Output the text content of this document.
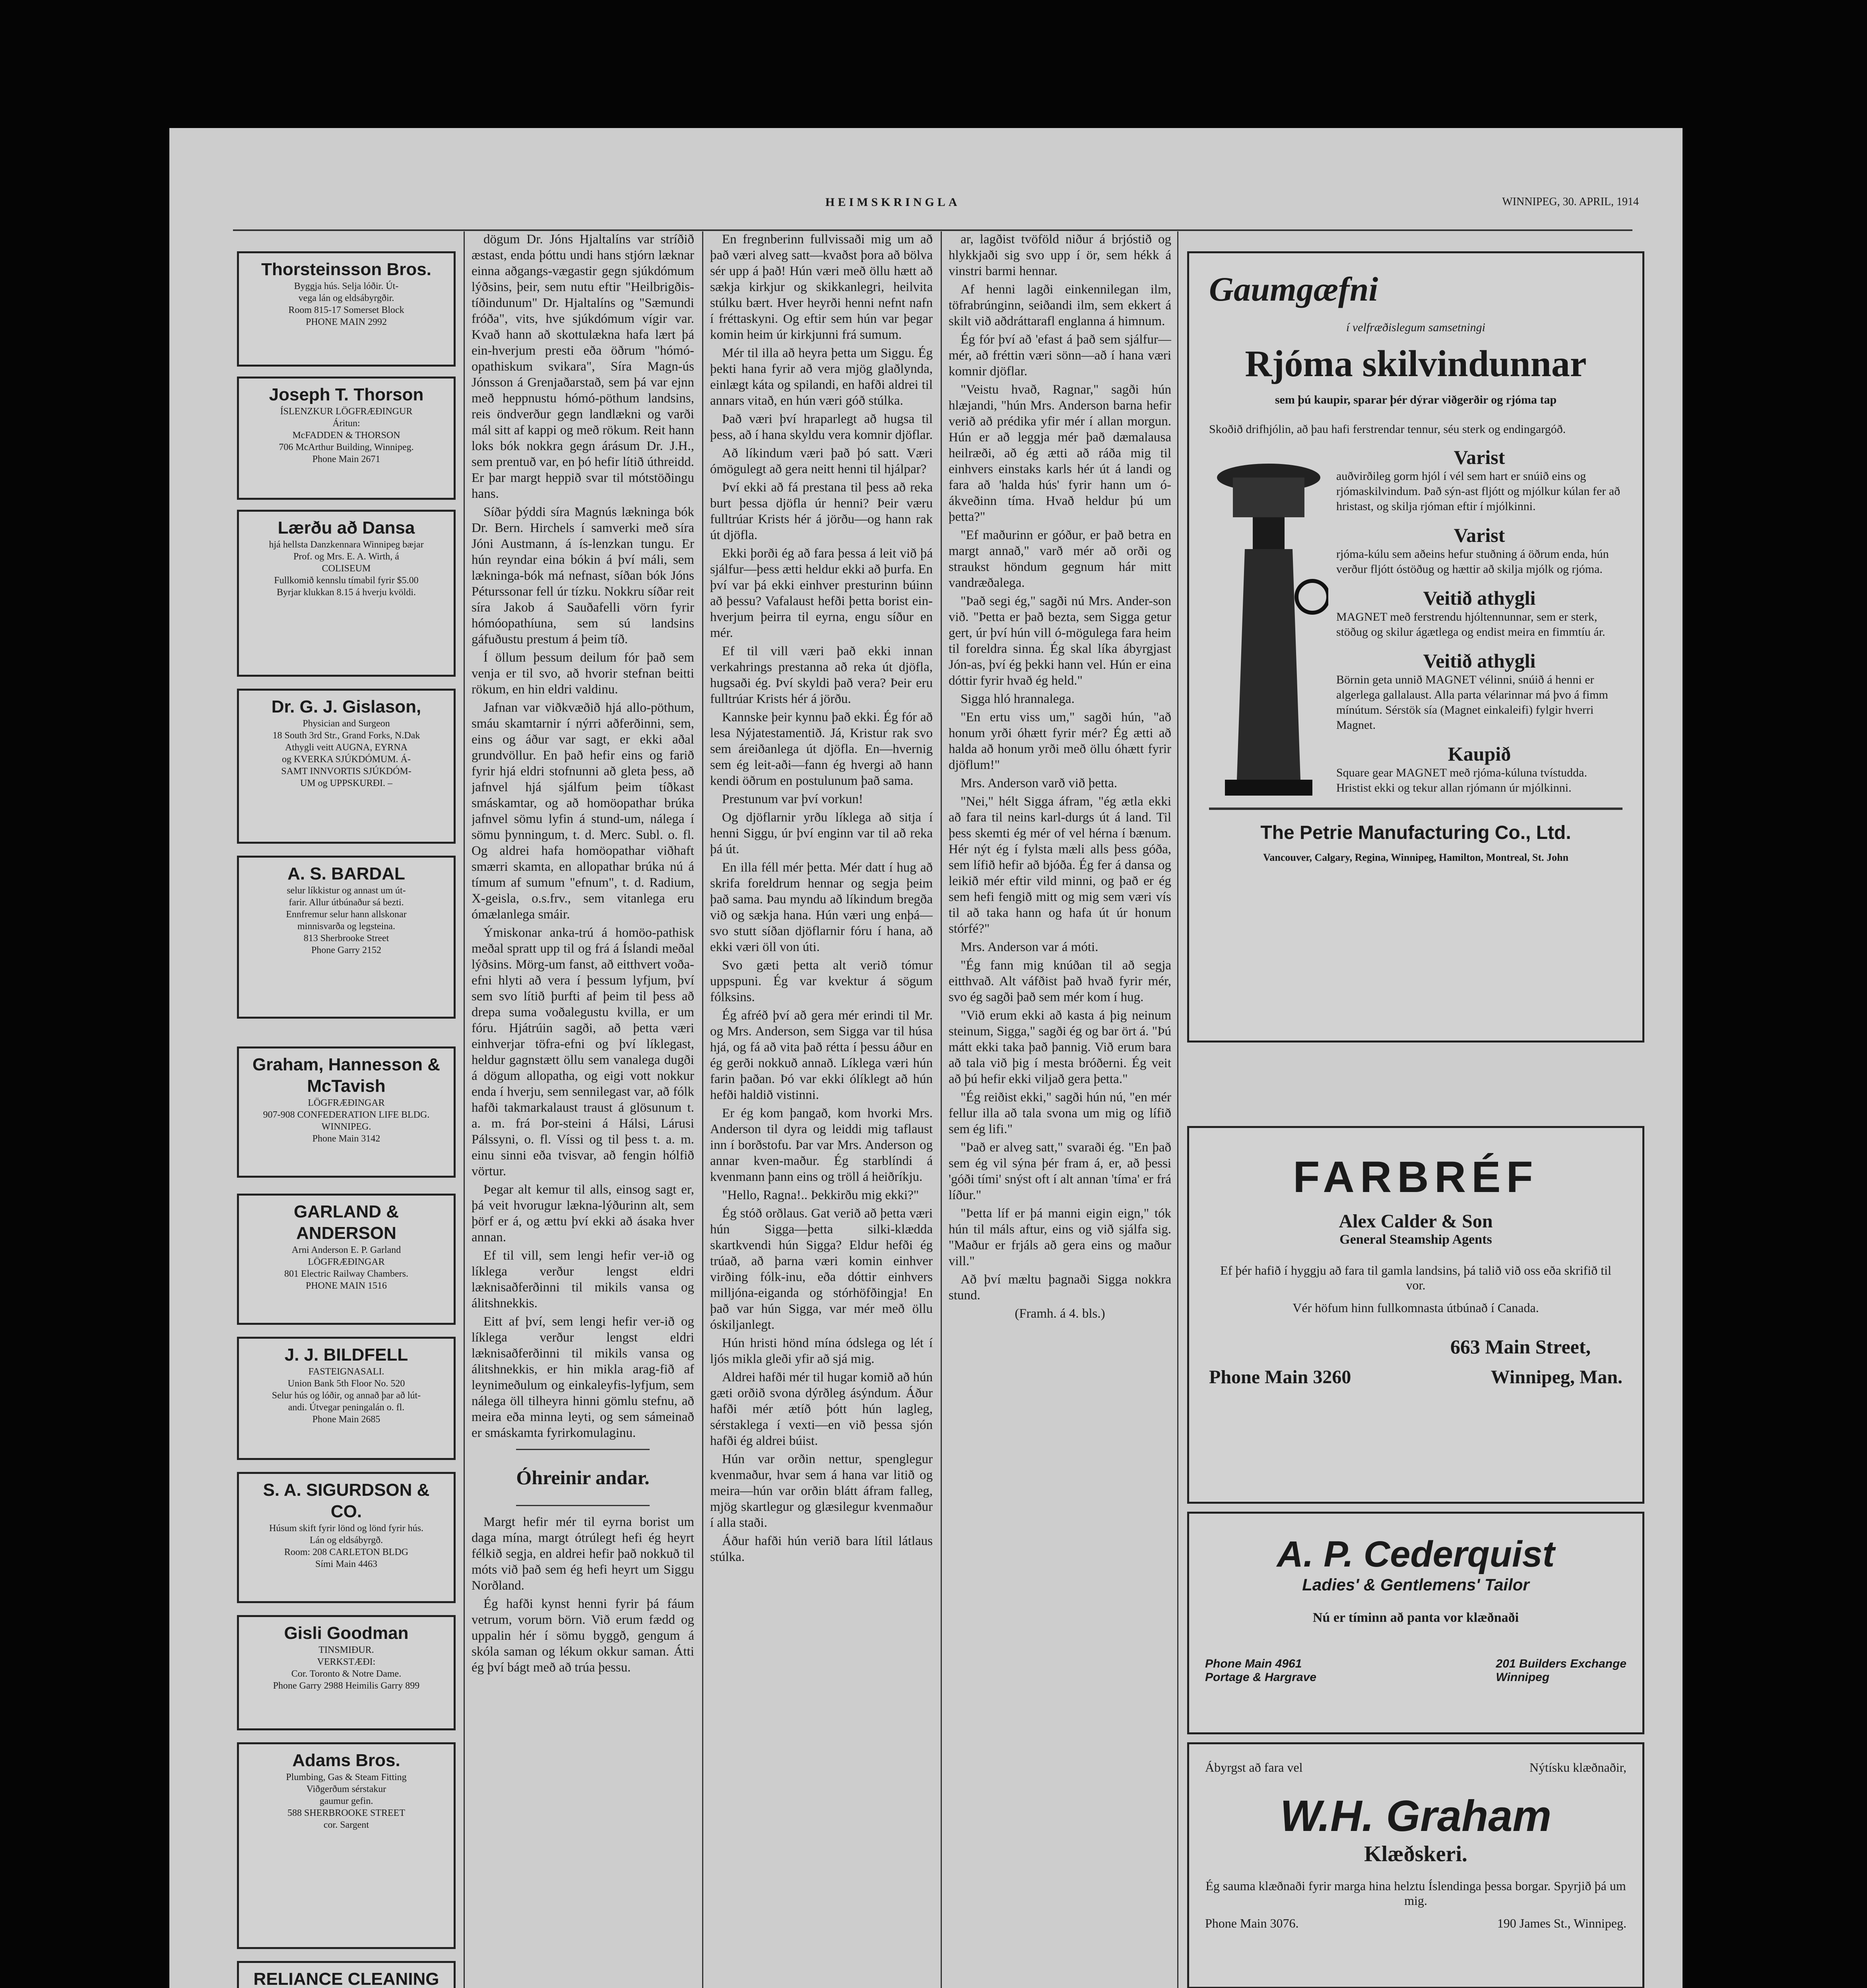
HEIMSKRINGLA	WINNIPEG, 30. APRIL, 1914
Thorsteinsson Bros.
Byggja hús. Selja lóðir. Út-
vega lán og eldsábyrgðir.
Room 815-17 Somerset Block
PHONE MAIN 2992
Joseph T. Thorson
ÍSLENZKUR LÖGFRÆÐINGUR
Áritun:
McFADDEN & THORSON
706 McArthur Building, Winnipeg.
Phone Main 2671
Lærðu að Dansa
hjá hellsta Danzkennara Winnipeg bæjar
Prof. og Mrs. E. A. Wirth, á
COLISEUM
Fullkomið kennslu tímabil fyrir $5.00
Byrjar klukkan 8.15 á hverju kvöldi.
Dr. G. J. Gislason,
Physician and Surgeon
18 South 3rd Str., Grand Forks, N.Dak
Athygli veitt AUGNA, EYRNA
og KVERKA SJÚKDÓMUM. Á-
SAMT INNVORTIS SJÚKDÓM-
UM og UPPSKURÐI. –
A. S. BARDAL
selur líkkistur og annast um út-
farir. Allur útbúnaður sá bezti.
Ennfremur selur hann allskonar
minnisvarða og legsteina.
813 Sherbrooke Street
Phone Garry 2152
Graham, Hannesson & McTavish
LÖGFRÆÐINGAR
907-908 CONFEDERATION LIFE BLDG.
WINNIPEG.
Phone Main 3142
GARLAND & ANDERSON
Arni Anderson E. P. Garland
LÖGFRÆÐINGAR
801 Electric Railway Chambers.
PHONE MAIN 1516
J. J. BILDFELL
FASTEIGNASALI.
Union Bank 5th Floor No. 520
Selur hús og lóðir, og annað þar að lút-
andi. Útvegar peningalán o. fl.
Phone Main 2685
S. A. SIGURDSON & CO.
Húsum skift fyrir lönd og lönd fyrir hús.
Lán og eldsábyrgð.
Room: 208 CARLETON BLDG
Sími Main 4463
Gisli Goodman
TINSMIÐUR.
VERKSTÆÐI:
Cor. Toronto & Notre Dame.
Phone Garry 2988 Heimilis Garry 899
Adams Bros.
Plumbing, Gas & Steam Fitting
Viðgerðum sérstakur
gaumur gefin.
588 SHERBROOKE STREET
cor. Sargent
RELIANCE CLEANING

dögum Dr. Jóns Hjaltalíns var stríðið æstast, enda þóttu undi hans stjórn læknar einna aðgangs-vægastir gegn sjúkdómum lýðsins, þeir, sem nutu eftir "Heilbrigðis-tíðindunum" Dr. Hjaltalíns og "Sæmundi fróða", vits, hve sjúkdómum vígir var. Kvað hann að skottulækna hafa lært þá ein-hverjum presti eða öðrum "hómó-opathiskum svikara", Síra Magn-ús Jónsson á Grenjaðarstað, sem þá var ejnn með heppnustu hómó-pöthum landsins, reis öndverður gegn landlækni og varði mál sitt af kappi og með rökum. Reit hann loks bók nokkra gegn árásum Dr. J.H., sem prentuð var, en þó hefir lítið úthreidd. Er þar margt heppið svar til mótstöðingu hans.

Síðar þýddi síra Magnús lækninga bók Dr. Bern. Hirchels í samverki með síra Jóni Austmann, á ís-lenzkan tungu. Er hún reyndar eina bókin á því máli, sem lækninga-bók má nefnast, síðan bók Jóns Péturssonar fell úr tízku. Nokkru síðar reit síra Jakob á Sauðafelli vörn fyrir hómóopathíuna, sem sú landsins gáfuðustu prestum á þeim tíð.

Í öllum þessum deilum fór það sem venja er til svo, að hvorir stefnan beitti rökum, en hin eldri valdinu.

Jafnan var viðkvæðið hjá allo-pöthum, smáu skamtarnir í nýrri aðferðinni, sem, eins og áður var sagt, er ekki aðal grundvöllur. En það hefir eins og farið fyrir hjá eldri stofnunni að gleta þess, að jafnvel hjá sjálfum þeim tíðkast smáskamtar, og að homöopathar brúka jafnvel sömu lyfin á stund-um, nálega í sömu þynningum, t. d. Merc. Subl. o. fl. Og aldrei hafa homöopathar viðhaft smærri skamta, en allopathar brúka nú á tímum af sumum "efnum", t. d. Radium, X-geisla, o.s.frv., sem vitanlega eru ómælanlega smáir.

Ýmiskonar anka-trú á homöo-pathisk meðal spratt upp til og frá á Íslandi meðal lýðsins. Mörg-um fanst, að eitthvert voða-efni hlyti að vera í þessum lyfjum, því sem svo lítið þurfti af þeim til þess að drepa suma voðalegustu kvilla, er um fóru. Hjátrúin sagði, að þetta væri einhverjar töfra-efni og því líklegast, heldur gagnstætt öllu sem vanalega dugði á dögum allopatha, og eigi vott nokkur enda í hverju, sem sennilegast var, að fólk hafði takmarkalaust traust á glösunum t. a. m. frá Þor-steini á Hálsi, Lárusi Pálssyni, o. fl. Víssi og til þess t. a. m. einu sinni eða tvisvar, að fengin hólfið vörtur.

Þegar alt kemur til alls, einsog sagt er, þá veit hvorugur lækna-lýðurinn alt, sem þörf er á, og ættu því ekki að ásaka hver annan.

Ef til vill, sem lengi hefir ver-ið og líklega verður lengst eldri læknisaðferðinni til mikils vansa og álitshnekkis.

Eitt af því, sem lengi hefir ver-ið og líklega verður lengst eldri læknisaðferðinni til mikils vansa og álitshnekkis, er hin mikla arag-fið af leynimeðulum og einkaleyfis-lyfjum, sem nálega öll tilheyra hinni gömlu stefnu, að meira eða minna leyti, og sem sámeinað er smáskamta fyrirkomulaginu.

Óhreinir andar.

Margt hefir mér til eyrna borist um daga mína, margt ótrúlegt hefi ég heyrt félkið segja, en aldrei hefir það nokkuð til móts við það sem ég hefi heyrt um Siggu Norðland.

Ég hafði kynst henni fyrir þá fáum vetrum, vorum börn. Við erum fædd og uppalin hér í sömu byggð, gengum á skóla saman og lékum okkur saman. Átti ég því bágt með að trúa þessu.

En fregnberinn fullvissaði mig um að það væri alveg satt—kvaðst þora að bölva sér upp á það! Hún væri með öllu hætt að sækja kirkjur og skikkanlegri, heilvita stúlku bært. Hver heyrði henni nefnt nafn í fréttaskyni. Og eftir sem hún var þegar komin heim úr kirkjunni frá sumum.

Mér til illa að heyra þetta um Siggu. Ég þekti hana fyrir að vera mjög glaðlynda, einlægt káta og spilandi, en hafði aldrei til annars vitað, en hún væri góð stúlka.

Það væri því hraparlegt að hugsa til þess, að í hana skyldu vera komnir djöflar.

Að líkindum væri það þó satt. Væri ómögulegt að gera neitt henni til hjálpar?

Því ekki að fá prestana til þess að reka burt þessa djöfla úr henni? Þeir væru fulltrúar Krists hér á jörðu—og hann rak út djöfla.

Ekki þorði ég að fara þessa á leit við þá sjálfur—þess ætti heldur ekki að þurfa. En því var þá ekki einhver presturinn búinn að þessu? Vafalaust hefði þetta borist ein-hverjum þeirra til eyrna, engu síður en mér.

Ef til vill væri það ekki innan verkahrings prestanna að reka út djöfla, hugsaði ég. Því skyldi það vera? Þeir eru fulltrúar Krists hér á jörðu.

Kannske þeir kynnu það ekki. Ég fór að lesa Nýjatestamentið. Já, Kristur rak svo sem áreiðanlega út djöfla. En—hvernig sem ég leit-aði—fann ég hvergi að hann kendi öðrum en postulunum það sama.

Prestunum var því vorkun!

Og djöflarnir yrðu líklega að sitja í henni Siggu, úr því enginn var til að reka þá út.

En illa féll mér þetta. Mér datt í hug að skrifa foreldrum hennar og segja þeim það sama. Þau myndu að líkindum bregða við og sækja hana. Hún væri ung enþá—svo stutt síðan djöflarnir fóru í hana, að ekki væri öll von úti.

Svo gæti þetta alt verið tómur uppspuni. Ég var kvektur á sögum fólksins.

Ég afréð því að gera mér erindi til Mr. og Mrs. Anderson, sem Sigga var til húsa hjá, og fá að vita það rétta í þessu áður en ég gerði nokkuð annað. Líklega væri hún farin þaðan. Þó var ekki ólíklegt að hún hefði haldið vistinni.

Er ég kom þangað, kom hvorki Mrs. Anderson til dyra og leiddi mig taflaust inn í borðstofu. Þar var Mrs. Anderson og annar kven-maður. Ég starblíndi á kvenmann þann eins og tröll á heiðríkju.

"Hello, Ragna!.. Þekkirðu mig ekki?"

Ég stóð orðlaus. Gat verið að þetta væri hún Sigga—þetta silki-klædda skartkvendi hún Sigga? Eldur hefði ég trúað, að þarna væri komin einhver virðing fólk-inu, eða dóttir einhvers milljóna-eiganda og stórhöfðingja! En það var hún Sigga, var mér með öllu óskiljanlegt.

Hún hristi hönd mína ódslega og lét í ljós mikla gleði yfir að sjá mig.

Aldrei hafði mér til hugar komið að hún gæti orðið svona dýrðleg ásýndum. Áður hafði mér ætíð þótt hún lagleg, sérstaklega í vexti—en við þessa sjón hafði ég aldrei búist.

Hún var orðin nettur, spenglegur kvenmaður, hvar sem á hana var litið og meira—hún var orðin blátt áfram falleg, mjög skartlegur og glæsilegur kvenmaður í alla staði.

Áður hafði hún verið bara lítil látlaus stúlka.

ar, lagðist tvöföld niður á brjóstið og hlykkjaði sig svo upp í ör, sem hékk á vinstri barmi hennar.

Af henni lagði einkennilegan ilm, töfrabrúnginn, seiðandi ilm, sem ekkert á skilt við aðdráttarafl englanna á himnum.

Ég fór því að 'efast á það sem sjálfur—mér, að fréttin væri sönn—að í hana væri komnir djöflar.

"Veistu hvað, Ragnar," sagði hún hlæjandi, "hún Mrs. Anderson barna hefir verið að prédika yfir mér í allan morgun. Hún er að leggja mér það dæmalausa heilræði, að ég ætti að ráða mig til einhvers einstaks karls hér út á landi og fara að 'halda hús' fyrir hann um ó-ákveðinn tíma. Hvað heldur þú um þetta?"

"Ef maðurinn er góður, er það betra en margt annað," varð mér að orði og straukst höndum gegnum hár mitt vandræðalega.

"Það segi ég," sagði nú Mrs. Ander-son við. "Þetta er það bezta, sem Sigga getur gert, úr því hún vill ó-mögulega fara heim til foreldra sinna. Ég skal líka ábyrgjast Jón-as, því ég þekki hann vel. Hún er eina dóttir fyrir hvað ég held."

Sigga hló hrannalega.

"En ertu viss um," sagði hún, "að honum yrði óhætt fyrir mér? Ég ætti að halda að honum yrði með öllu óhætt fyrir djöflum!"

Mrs. Anderson varð við þetta.

"Nei," hélt Sigga áfram, "ég ætla ekki að fara til neins karl-durgs út á land. Til þess skemti ég mér of vel hérna í bænum. Hér nýt ég í fylsta mæli alls þess góða, sem lífið hefir að bjóða. Ég fer á dansa og leikið mér eftir vild minni, og það er ég sem hefi fengið mitt og mig sem væri vís til að taka hann og hafa út úr honum stórfé?"

Mrs. Anderson var á móti.

"Ég fann mig knúðan til að segja eitthvað. Alt váfðist það hvað fyrir mér, svo ég sagði það sem mér kom í hug.

"Við erum ekki að kasta á þig neinum steinum, Sigga," sagði ég og bar ört á. "Þú mátt ekki taka það þannig. Við erum bara að tala við þig í mesta bróðerni. Ég veit að þú hefir ekki viljað gera þetta."

"Ég reiðist ekki," sagði hún nú, "en mér fellur illa að tala svona um mig og lífið sem ég lifi."

"Það er alveg satt," svaraði ég. "En það sem ég vil sýna þér fram á, er, að þessi 'góði tími' snýst oft í alt annan 'tíma' er frá líður."

"Þetta líf er þá manni eigin eign," tók hún til máls aftur, eins og við sjálfa sig. "Maður er frjáls að gera eins og maður vill."

Að því mæltu þagnaði Sigga nokkra stund.

(Framh. á 4. bls.)

Gaumgæfni
í velfræðislegum samsetningi
Rjóma skilvindunnar
sem þú kaupir, sparar þér dýrar viðgerðir og rjóma tap
Skoðið drifhjólin, að þau hafi ferstrendar tennur, séu sterk og endingargóð.
Varist
auðvirðileg gorm hjól í vél sem hart er snúið eins og rjómaskilvindum. Það sýn-ast fljótt og mjólkur kúlan fer að hristast, og skilja rjóman eftir í mjólkinni.
Varist
rjóma-kúlu sem aðeins hefur stuðning á öðrum enda, hún verður fljótt óstöðug og hættir að skilja mjólk og rjóma.
Veitið athygli
MAGNET með ferstrendu hjóltennunnar, sem er sterk, stöðug og skilur ágætlega og endist meira en fimmtíu ár.
Veitið athygli
Börnin geta unnið MAGNET vélinni, snúið á henni er algerlega gallalaust. Alla parta vélarinnar má þvo á fimm mínútum. Sérstök sía (Magnet einkaleifi) fylgir hverri Magnet.
Kaupið
Square gear MAGNET með rjóma-kúluna tvístudda. Hristist ekki og tekur allan rjómann úr mjólkinni.
The Petrie Manufacturing Co., Ltd.
Vancouver, Calgary, Regina, Winnipeg, Hamilton, Montreal, St. John
FARBRÉF
Alex Calder & Son
General Steamship Agents
Ef þér hafið í hyggju að fara til gamla landsins, þá talið við oss eða skrifið til vor.
Vér höfum hinn fullkomnasta útbúnað í Canada.
663 Main Street,
Phone Main 3260	Winnipeg, Man.
A. P. Cederquist
Ladies' & Gentlemens' Tailor
Nú er tíminn að panta vor klæðnaði
Phone Main 4961
Portage & Hargrave
201 Builders Exchange
Winnipeg
Ábyrgst að fara vel	Nýtísku klæðnaðir,
W.H. Graham
Klæðskeri.
Ég sauma klæðnaði fyrir marga hina helztu Íslendinga þessa borgar. Spyrjið þá um mig.
Phone Main 3076.	190 James St., Winnipeg.
